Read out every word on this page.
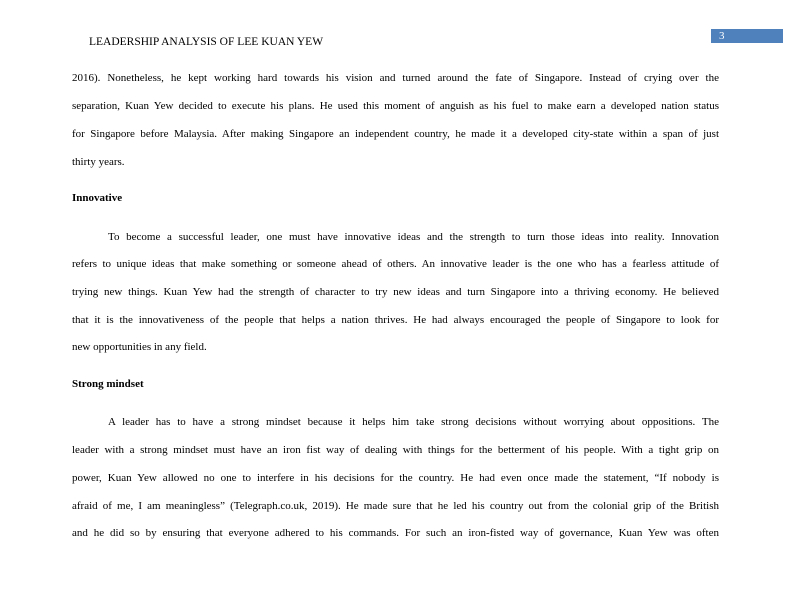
LEADERSHIP ANALYSIS OF LEE KUAN YEW	3
2016). Nonetheless, he kept working hard towards his vision and turned around the fate of Singapore. Instead of crying over the
separation, Kuan Yew decided to execute his plans. He used this moment of anguish as his fuel to make earn a developed nation status
for Singapore before Malaysia. After making Singapore an independent country, he made it a developed city-state within a span of just
thirty years.
Innovative
To become a successful leader, one must have innovative ideas and the strength to turn those ideas into reality. Innovation
refers to unique ideas that make something or someone ahead of others. An innovative leader is the one who has a fearless attitude of
trying new things. Kuan Yew had the strength of character to try new ideas and turn Singapore into a thriving economy. He believed
that it is the innovativeness of the people that helps a nation thrives. He had always encouraged the people of Singapore to look for
new opportunities in any field.
Strong mindset
A leader has to have a strong mindset because it helps him take strong decisions without worrying about oppositions. The
leader with a strong mindset must have an iron fist way of dealing with things for the betterment of his people. With a tight grip on
power, Kuan Yew allowed no one to interfere in his decisions for the country. He had even once made the statement, “If nobody is
afraid of me, I am meaningless” (Telegraph.co.uk, 2019). He made sure that he led his country out from the colonial grip of the British
and he did so by ensuring that everyone adhered to his commands. For such an iron-fisted way of governance, Kuan Yew was often
